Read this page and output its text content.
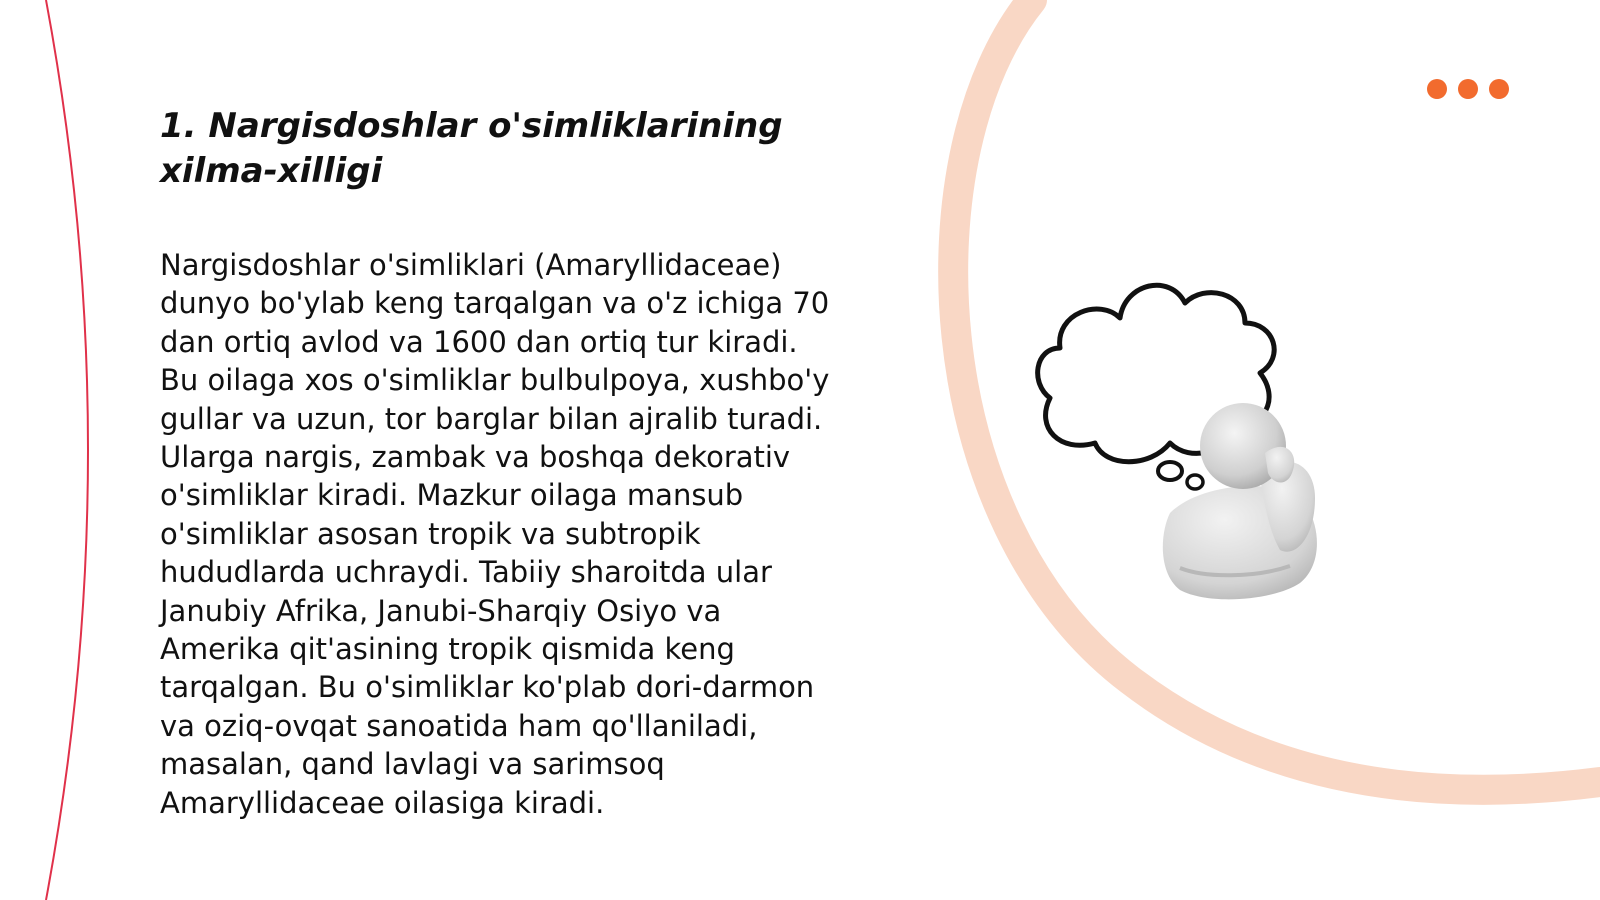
1. Nargisdoshlar o'simliklarining xilma-xilligi

Nargisdoshlar o'simliklari (Amaryllidaceae) dunyo bo'ylab keng tarqalgan va o'z ichiga 70 dan ortiq avlod va 1600 dan ortiq tur kiradi. Bu oilaga xos o'simliklar bulbulpoya, xushbo'y gullar va uzun, tor barglar bilan ajralib turadi. Ularga nargis, zambak va boshqa dekorativ o'simliklar kiradi. Mazkur oilaga mansub o'simliklar asosan tropik va subtropik hududlarda uchraydi. Tabiiy sharoitda ular Janubiy Afrika, Janubi-Sharqiy Osiyo va Amerika qit'asining tropik qismida keng tarqalgan. Bu o'simliklar ko'plab dori-darmon va oziq-ovqat sanoatida ham qo'llaniladi, masalan, qand lavlagi va sarimsoq Amaryllidaceae oilasiga kiradi.
